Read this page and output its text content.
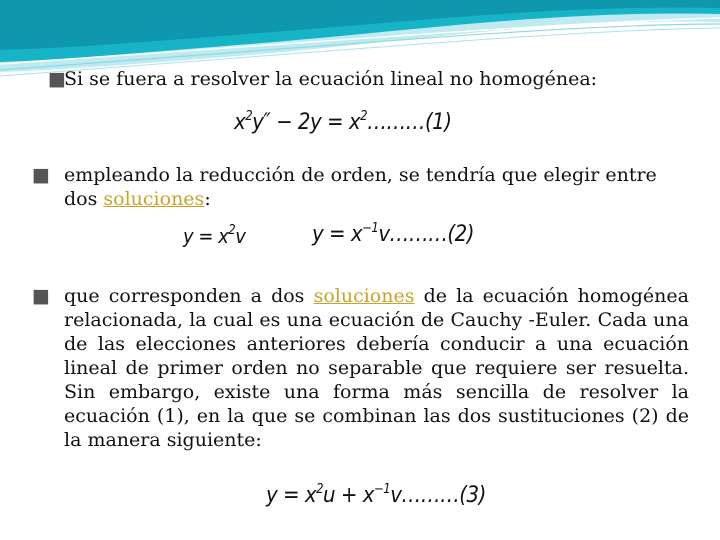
■Si se fuera a resolver la ecuación lineal no homogénea:
$x^2y'' - 2y$ = $x^2\dots\dots\dots(1)$
■ empleando la reducción de orden, se tendría que elegir entre dos soluciones:
$y = x^2v$	$y = x^{-1}v\dots\dots\dots(2)$
■ que corresponden a dos soluciones de la ecuación homogénea relacionada, la cual es una ecuación de Cauchy -Euler. Cada una de las elecciones anteriores debería conducir a una ecuación lineal de primer orden no separable que requiere ser resuelta. Sin embargo, existe una forma más sencilla de resolver la ecuación (1), en la que se combinan las dos sustituciones (2) de la manera siguiente:
$y = x^2u$ + $x^{-1}v\dots\dots\dots(3)$
